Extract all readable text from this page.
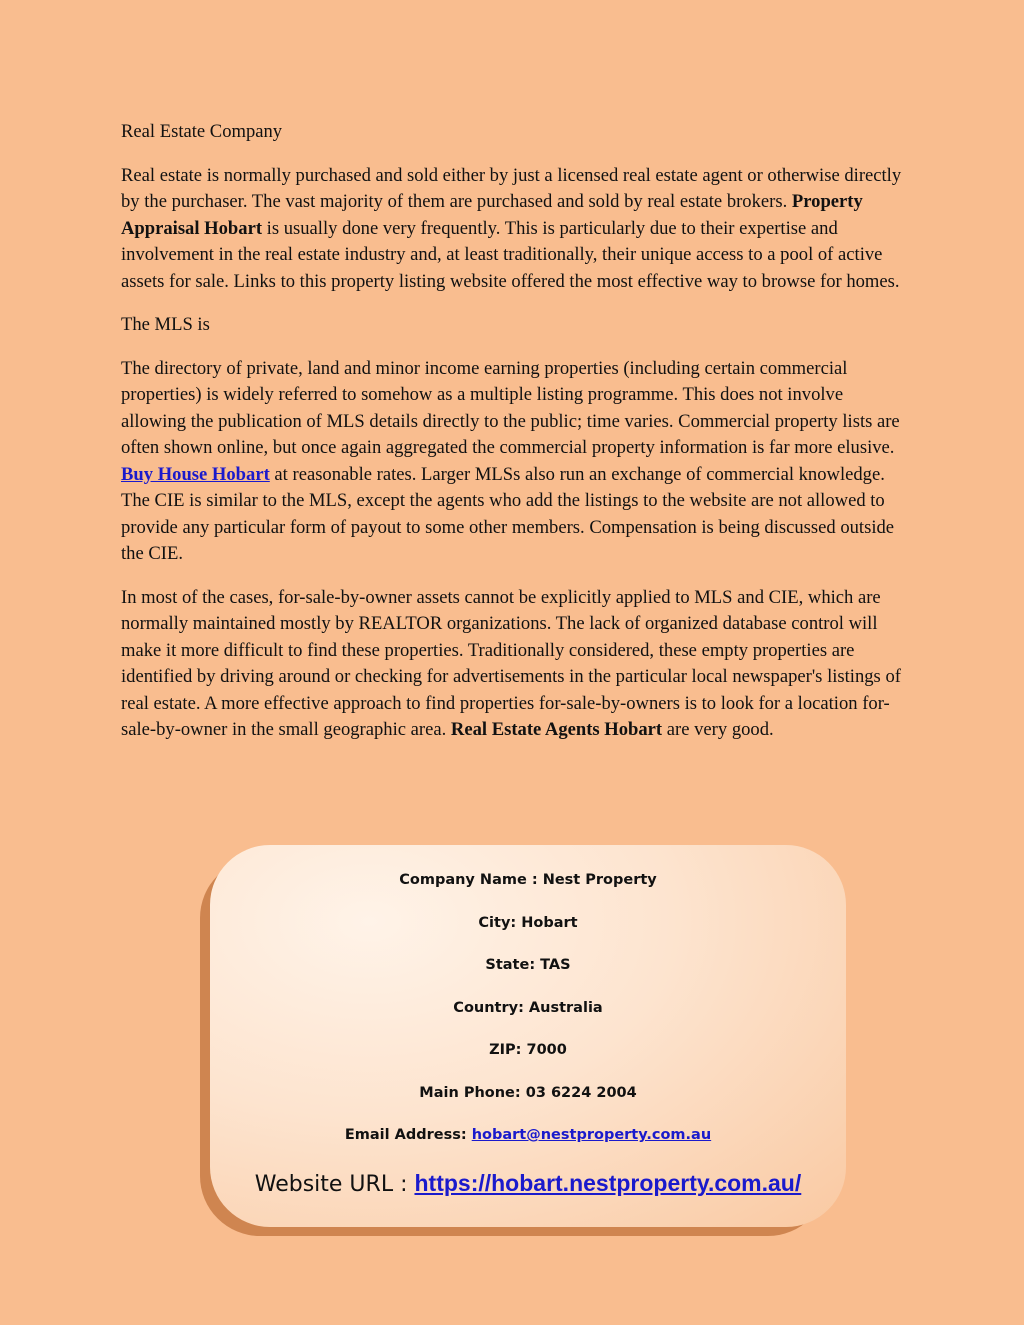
Real Estate Company

Real estate is normally purchased and sold either by just a licensed real estate agent or otherwise directly by the purchaser. The vast majority of them are purchased and sold by real estate brokers. Property Appraisal Hobart is usually done very frequently. This is particularly due to their expertise and involvement in the real estate industry and, at least traditionally, their unique access to a pool of active assets for sale. Links to this property listing website offered the most effective way to browse for homes.

The MLS is

The directory of private, land and minor income earning properties (including certain commercial properties) is widely referred to somehow as a multiple listing programme. This does not involve allowing the publication of MLS details directly to the public; time varies. Commercial property lists are often shown online, but once again aggregated the commercial property information is far more elusive. Buy House Hobart at reasonable rates. Larger MLSs also run an exchange of commercial knowledge. The CIE is similar to the MLS, except the agents who add the listings to the website are not allowed to provide any particular form of payout to some other members. Compensation is being discussed outside the CIE.

In most of the cases, for-sale-by-owner assets cannot be explicitly applied to MLS and CIE, which are normally maintained mostly by REALTOR organizations. The lack of organized database control will make it more difficult to find these properties. Traditionally considered, these empty properties are identified by driving around or checking for advertisements in the particular local newspaper's listings of real estate. A more effective approach to find properties for-sale-by-owners is to look for a location for-sale-by-owner in the small geographic area. Real Estate Agents Hobart are very good.

Company Name : Nest Property
City: Hobart
State: TAS
Country: Australia
ZIP: 7000
Main Phone: 03 6224 2004
Email Address: hobart@nestproperty.com.au
Website URL : https://hobart.nestproperty.com.au/
